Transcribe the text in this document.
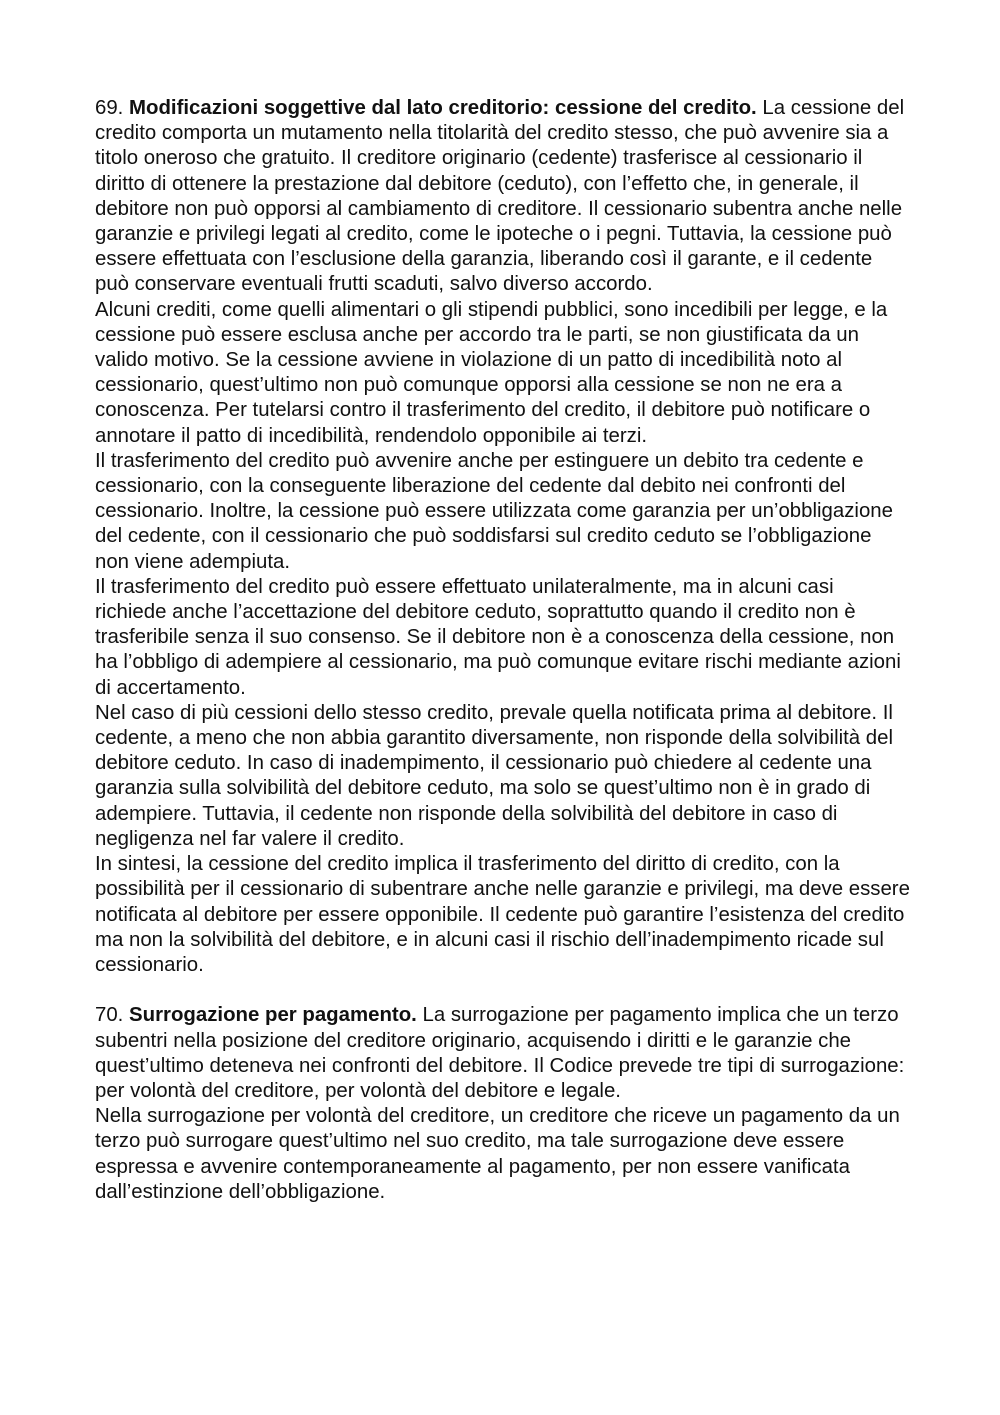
69. Modificazioni soggettive dal lato creditorio: cessione del credito. La cessione del credito comporta un mutamento nella titolarità del credito stesso, che può avvenire sia a titolo oneroso che gratuito. Il creditore originario (cedente) trasferisce al cessionario il diritto di ottenere la prestazione dal debitore (ceduto), con l’effetto che, in generale, il debitore non può opporsi al cambiamento di creditore. Il cessionario subentra anche nelle garanzie e privilegi legati al credito, come le ipoteche o i pegni. Tuttavia, la cessione può essere effettuata con l’esclusione della garanzia, liberando così il garante, e il cedente può conservare eventuali frutti scaduti, salvo diverso accordo.

Alcuni crediti, come quelli alimentari o gli stipendi pubblici, sono incedibili per legge, e la cessione può essere esclusa anche per accordo tra le parti, se non giustificata da un valido motivo. Se la cessione avviene in violazione di un patto di incedibilità noto al cessionario, quest’ultimo non può comunque opporsi alla cessione se non ne era a conoscenza. Per tutelarsi contro il trasferimento del credito, il debitore può notificare o annotare il patto di incedibilità, rendendolo opponibile ai terzi.

Il trasferimento del credito può avvenire anche per estinguere un debito tra cedente e cessionario, con la conseguente liberazione del cedente dal debito nei confronti del cessionario. Inoltre, la cessione può essere utilizzata come garanzia per un’obbligazione del cedente, con il cessionario che può soddisfarsi sul credito ceduto se l’obbligazione non viene adempiuta.

Il trasferimento del credito può essere effettuato unilateralmente, ma in alcuni casi richiede anche l’accettazione del debitore ceduto, soprattutto quando il credito non è trasferibile senza il suo consenso. Se il debitore non è a conoscenza della cessione, non ha l’obbligo di adempiere al cessionario, ma può comunque evitare rischi mediante azioni di accertamento.

Nel caso di più cessioni dello stesso credito, prevale quella notificata prima al debitore. Il cedente, a meno che non abbia garantito diversamente, non risponde della solvibilità del debitore ceduto. In caso di inadempimento, il cessionario può chiedere al cedente una garanzia sulla solvibilità del debitore ceduto, ma solo se quest’ultimo non è in grado di adempiere. Tuttavia, il cedente non risponde della solvibilità del debitore in caso di negligenza nel far valere il credito.

In sintesi, la cessione del credito implica il trasferimento del diritto di credito, con la possibilità per il cessionario di subentrare anche nelle garanzie e privilegi, ma deve essere notificata al debitore per essere opponibile. Il cedente può garantire l’esistenza del credito ma non la solvibilità del debitore, e in alcuni casi il rischio dell’inadempimento ricade sul cessionario.

70. Surrogazione per pagamento. La surrogazione per pagamento implica che un terzo subentri nella posizione del creditore originario, acquisendo i diritti e le garanzie che quest’ultimo deteneva nei confronti del debitore. Il Codice prevede tre tipi di surrogazione: per volontà del creditore, per volontà del debitore e legale.

Nella surrogazione per volontà del creditore, un creditore che riceve un pagamento da un terzo può surrogare quest’ultimo nel suo credito, ma tale surrogazione deve essere espressa e avvenire contemporaneamente al pagamento, per non essere vanificata dall’estinzione dell’obbligazione.
